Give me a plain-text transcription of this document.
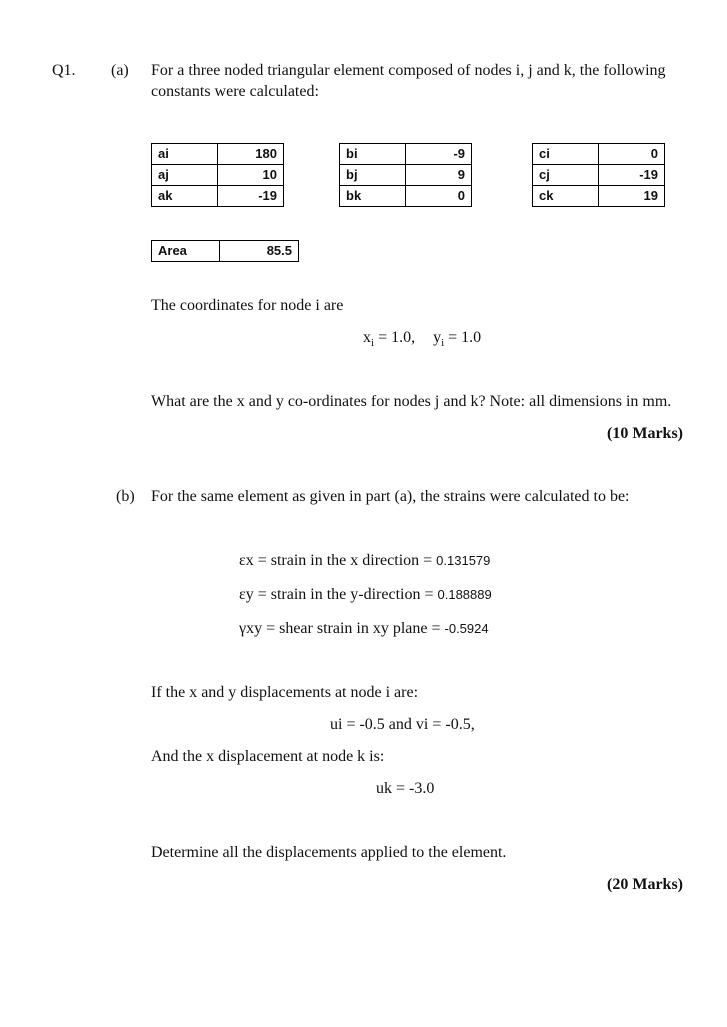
Q1. (a) For a three noded triangular element composed of nodes i, j and k, the following
constants were calculated:
ai	180
aj	10
ak	-19
bi	-9
bj	9
bk	0
ci	0
cj	-19
ck	19
Area	85.5
The coordinates for node i are
$x_i = 1.0$, $y_i = 1.0$
What are the x and y co-ordinates for nodes j and k? Note: all dimensions in mm.
(10 Marks)
(b) For the same element as given in part (a), the strains were calculated to be:
εx = strain in the x direction = 0.131579
εy = strain in the y-direction = 0.188889
γxy = shear strain in xy plane = -0.5924
If the x and y displacements at node i are:
ui = -0.5 and vi = -0.5,
And the x displacement at node k is:
uk = -3.0
Determine all the displacements applied to the element.
(20 Marks)
